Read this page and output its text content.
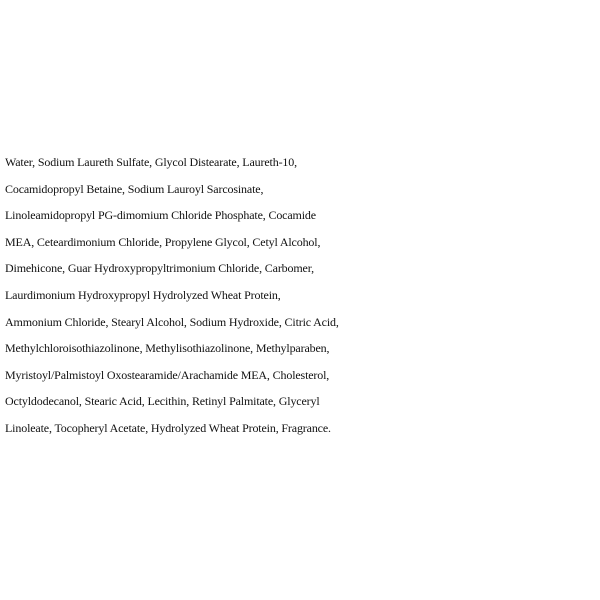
Water, Sodium Laureth Sulfate, Glycol Distearate, Laureth-10,
Cocamidopropyl Betaine, Sodium Lauroyl Sarcosinate,
Linoleamidopropyl PG-dimomium Chloride Phosphate, Cocamide
MEA, Ceteardimonium Chloride, Propylene Glycol, Cetyl Alcohol,
Dimehicone, Guar Hydroxypropyltrimonium Chloride, Carbomer,
Laurdimonium Hydroxypropyl Hydrolyzed Wheat Protein,
Ammonium Chloride, Stearyl Alcohol, Sodium Hydroxide, Citric Acid,
Methylchloroisothiazolinone, Methylisothiazolinone, Methylparaben,
Myristoyl/Palmistoyl Oxostearamide/Arachamide MEA, Cholesterol,
Octyldodecanol, Stearic Acid, Lecithin, Retinyl Palmitate, Glyceryl
Linoleate, Tocopheryl Acetate, Hydrolyzed Wheat Protein, Fragrance.
